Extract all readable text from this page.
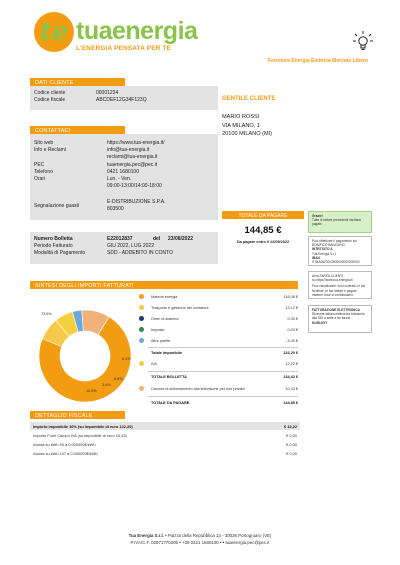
te tuaenergia
L'ENERGIA PENSATA PER TE
Fornitura Energia Elettrica Mercato Libero
DATI CLIENTE
Codice cliente	00001234
Codice fiscale	ABCDEF12G34F123Q
CONTATTACI
Sito web	https://www.tua-energia.it/
Info e Reclami	info@tua-energia.it
reclami@tua-energia.it
PEC	tuaenergia.pec@pec.it
Telefono	0421 1680100
Orari	Lun. - Ven.
09:00-13:00/14:00-18:00
Segnalazione guasti
E-DISTRIBUZIONE S.P.A.
803500
GENTILE CLIENTE
MARIO ROSSI
VIA MILANO, 1
20100 MILANO (MI)
Numero Bolletta	E22012837	del 23/08/2022
Periodo Fatturato	GIU 2022, LUG 2022
Modalità di Pagamento	SDD - ADDEBITO IN CONTO
TOTALE DA PAGARE
144,85 €
Da pagare entro il 12/09/2022
Grazie!
Tutte le fatture precedenti risultano pagate.
Puoi effettuare il pagamento sui BONIFICO BANCARIO
INTESTATO A
Tua Energia S.r.l.
IBAN
IT94A0623212609000000000000
Area FAREA CLIENTI
su https://www.tua-energia.it/
Puoi visualizzare i tuoi contratti, le tue forniture, le tue fatture e pagare insieme cose si contribuiamo.
FATTURAZIONE ELETTRONICA
Ricevere fattura elettronica indicando alla SDI a sette a tre forzat:
KUB1GXY
SINTESI DEGLI IMPORTI FATTURATI
73.6%
8.1%
6.6%
3.4%
10.0%
Materia energia	116,08 €
Trasporto e gestione del contatore	13,12 €
Oneri di sistema	0,00 €
Imposte	0,00 €
Altre partite	-3,00 €
Totale Imponibile	122,20 €
IVA	12,22 €
TOTALE BOLLETTA	134,42 €
Canone di abbonamento alla televisione per uso privato	10,43 €
TOTALE DA PAGARE	144,85 €
DETTAGLIO FISCALE
Importo imponibile 10% (su imponibile di euro 122,20)	€ 12,22
Importo Fuori Campo IVA (su imponibile di euro 10,43)	€ 0,00
Accisa su kWh 93 a 0,000000€/kWh	€ 0,00
Accisa su kWh 107 a 0,000000€/kWh	€ 0,00
Tua Energia S.r.l. • Piazza della Repubblica 13 - 30026 Portogruaro (VE)
P.IVA/C.F. 02971770306 • +39 0421 1680100 • • tuaenergia.pec@pec.it
